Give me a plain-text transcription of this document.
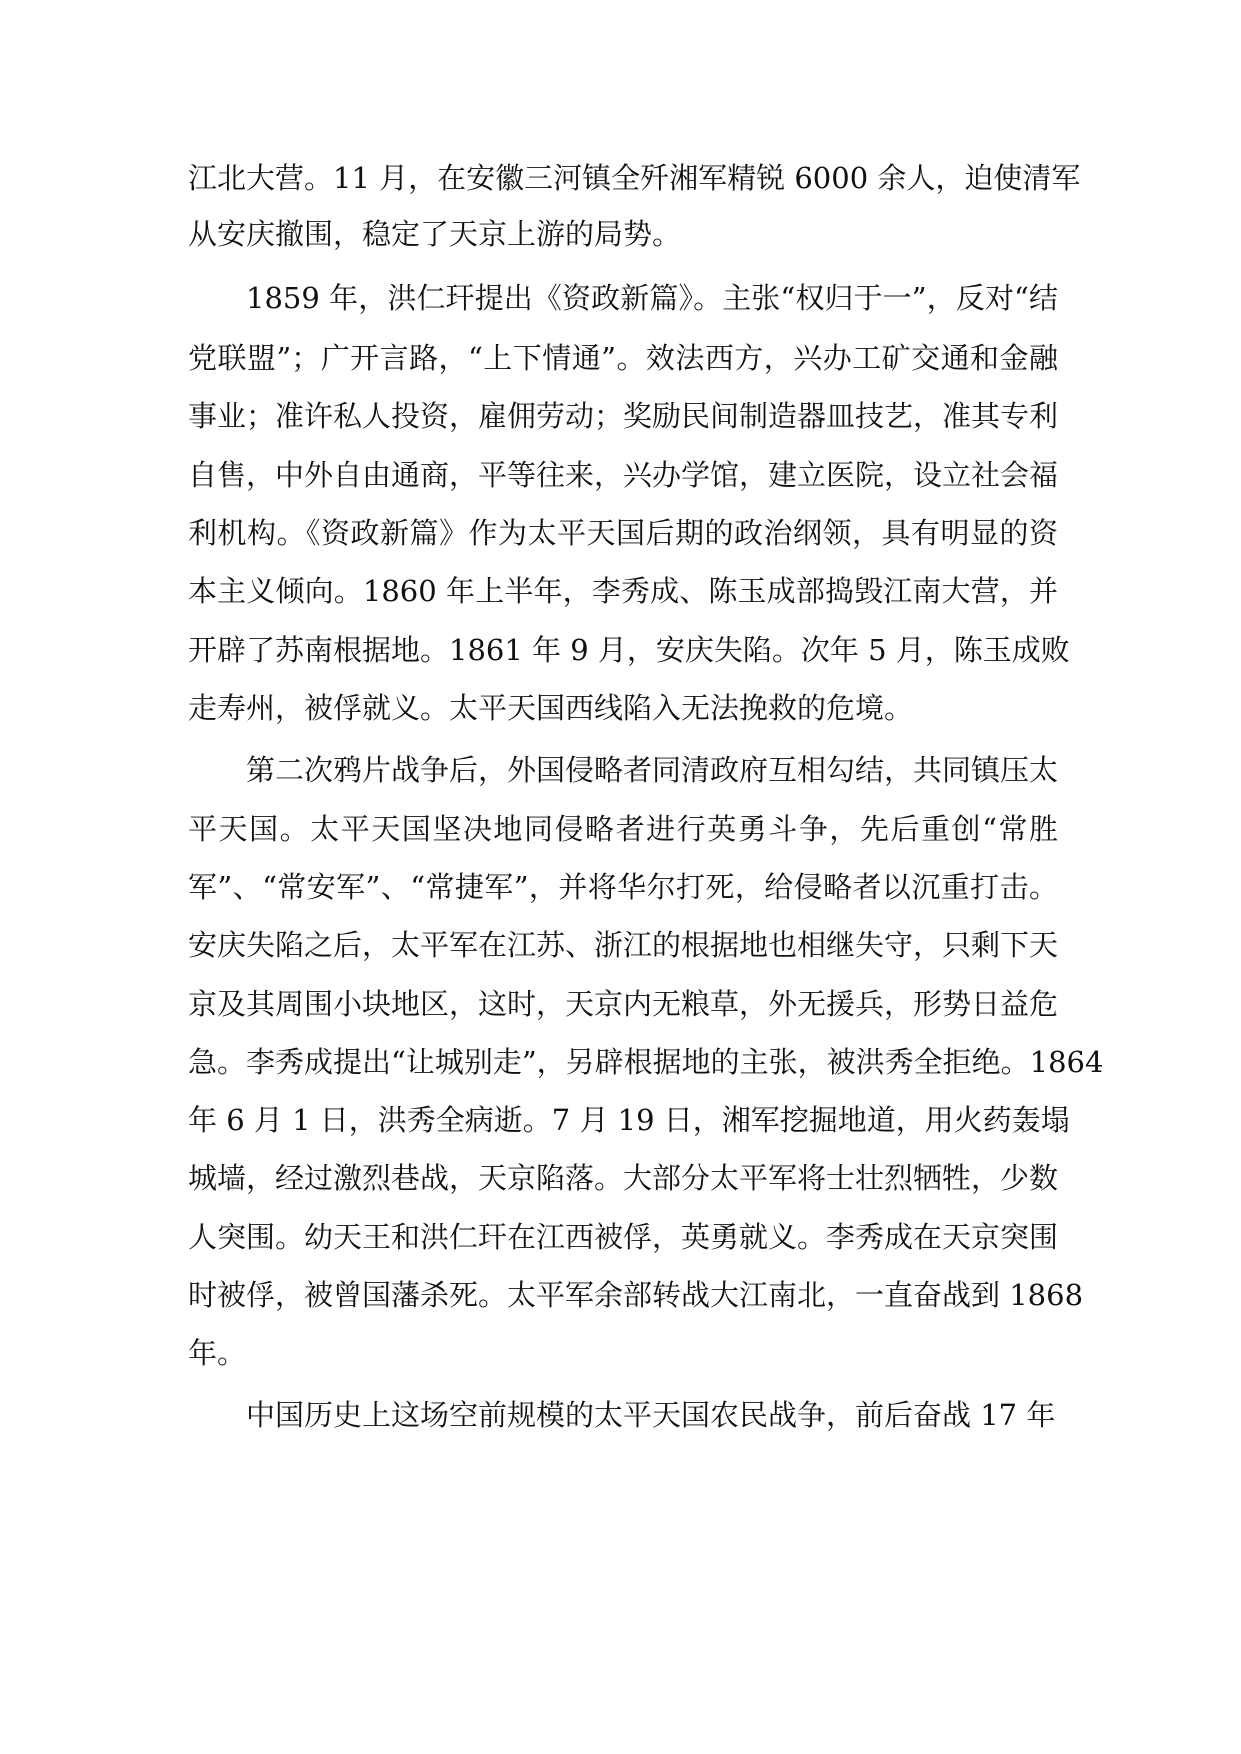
江北大营。11 月，在安徽三河镇全歼湘军精锐 6000 余人，迫使清军
从安庆撤围，稳定了天京上游的局势。
1859 年，洪仁玕提出《资政新篇》。主张“权归于一”，反对“结
党联盟”；广开言路，“上下情通”。效法西方，兴办工矿交通和金融
事业；准许私人投资，雇佣劳动；奖励民间制造器皿技艺，准其专利
自售，中外自由通商，平等往来，兴办学馆，建立医院，设立社会福
利机构。《资政新篇》作为太平天国后期的政治纲领，具有明显的资
本主义倾向。1860 年上半年，李秀成、陈玉成部捣毁江南大营，并
开辟了苏南根据地。1861 年 9 月，安庆失陷。次年 5 月，陈玉成败
走寿州，被俘就义。太平天国西线陷入无法挽救的危境。
第二次鸦片战争后，外国侵略者同清政府互相勾结，共同镇压太
平天国。太平天国坚决地同侵略者进行英勇斗争，先后重创“常胜
军”、“常安军”、“常捷军”，并将华尔打死，给侵略者以沉重打击。
安庆失陷之后，太平军在江苏、浙江的根据地也相继失守，只剩下天
京及其周围小块地区，这时，天京内无粮草，外无援兵，形势日益危
急。李秀成提出“让城别走”，另辟根据地的主张，被洪秀全拒绝。1864
年 6 月 1 日，洪秀全病逝。7 月 19 日，湘军挖掘地道，用火药轰塌
城墙，经过激烈巷战，天京陷落。大部分太平军将士壮烈牺牲，少数
人突围。幼天王和洪仁玕在江西被俘，英勇就义。李秀成在天京突围
时被俘，被曾国藩杀死。太平军余部转战大江南北，一直奋战到 1868
年。
中国历史上这场空前规模的太平天国农民战争，前后奋战 17 年
